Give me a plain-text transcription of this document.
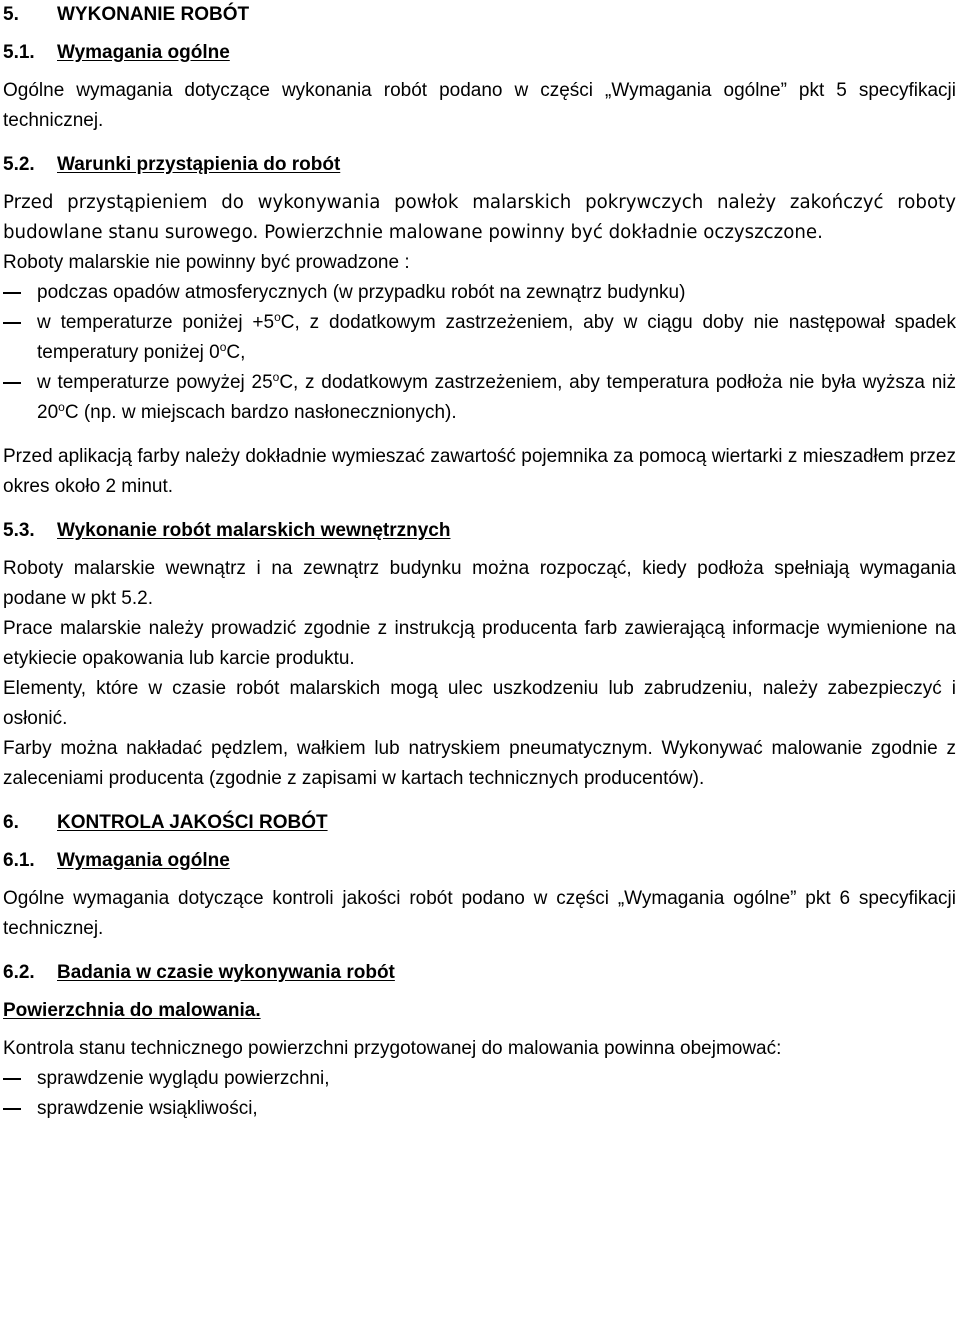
5. WYKONANIE ROBÓT
5.1. Wymagania ogólne

Ogólne wymagania dotyczące wykonania robót podano w części „Wymagania ogólne” pkt 5 specyfikacji technicznej.

5.2. Warunki przystąpienia do robót

Przed przystąpieniem do wykonywania powłok malarskich pokrywczych należy zakończyć roboty budowlane stanu surowego. Powierzchnie malowane powinny być dokładnie oczyszczone.

Roboty malarskie nie powinny być prowadzone :

podczas opadów atmosferycznych (w przypadku robót na zewnątrz budynku)
w temperaturze poniżej $+5^oC$, z dodatkowym zastrzeżeniem, aby w ciągu doby nie następował spadek temperatury poniżej 0$^o$C,
w temperaturze powyżej 25$^o$C, z dodatkowym zastrzeżeniem, aby temperatura podłoża nie była wyższa niż 20$^o$C (np. w miejscach bardzo nasłonecznionych).

Przed aplikacją farby należy dokładnie wymieszać zawartość pojemnika za pomocą wiertarki z mieszadłem przez okres około 2 minut.

5.3. Wykonanie robót malarskich wewnętrznych

Roboty malarskie wewnątrz i na zewnątrz budynku można rozpocząć, kiedy podłoża spełniają wymagania podane w pkt 5.2.

Prace malarskie należy prowadzić zgodnie z instrukcją producenta farb zawierającą informacje wymienione na etykiecie opakowania lub karcie produktu.

Elementy, które w czasie robót malarskich mogą ulec uszkodzeniu lub zabrudzeniu, należy zabezpieczyć i osłonić.

Farby można nakładać pędzlem, wałkiem lub natryskiem pneumatycznym. Wykonywać malowanie zgodnie z zaleceniami producenta (zgodnie z zapisami w kartach technicznych producentów).

6. KONTROLA JAKOŚCI ROBÓT
6.1. Wymagania ogólne

Ogólne wymagania dotyczące kontroli jakości robót podano w części „Wymagania ogólne” pkt 6 specyfikacji technicznej.

6.2. Badania w czasie wykonywania robót
Powierzchnia do malowania.

Kontrola stanu technicznego powierzchni przygotowanej do malowania powinna obejmować:

sprawdzenie wyglądu powierzchni,
sprawdzenie wsiąkliwości,
